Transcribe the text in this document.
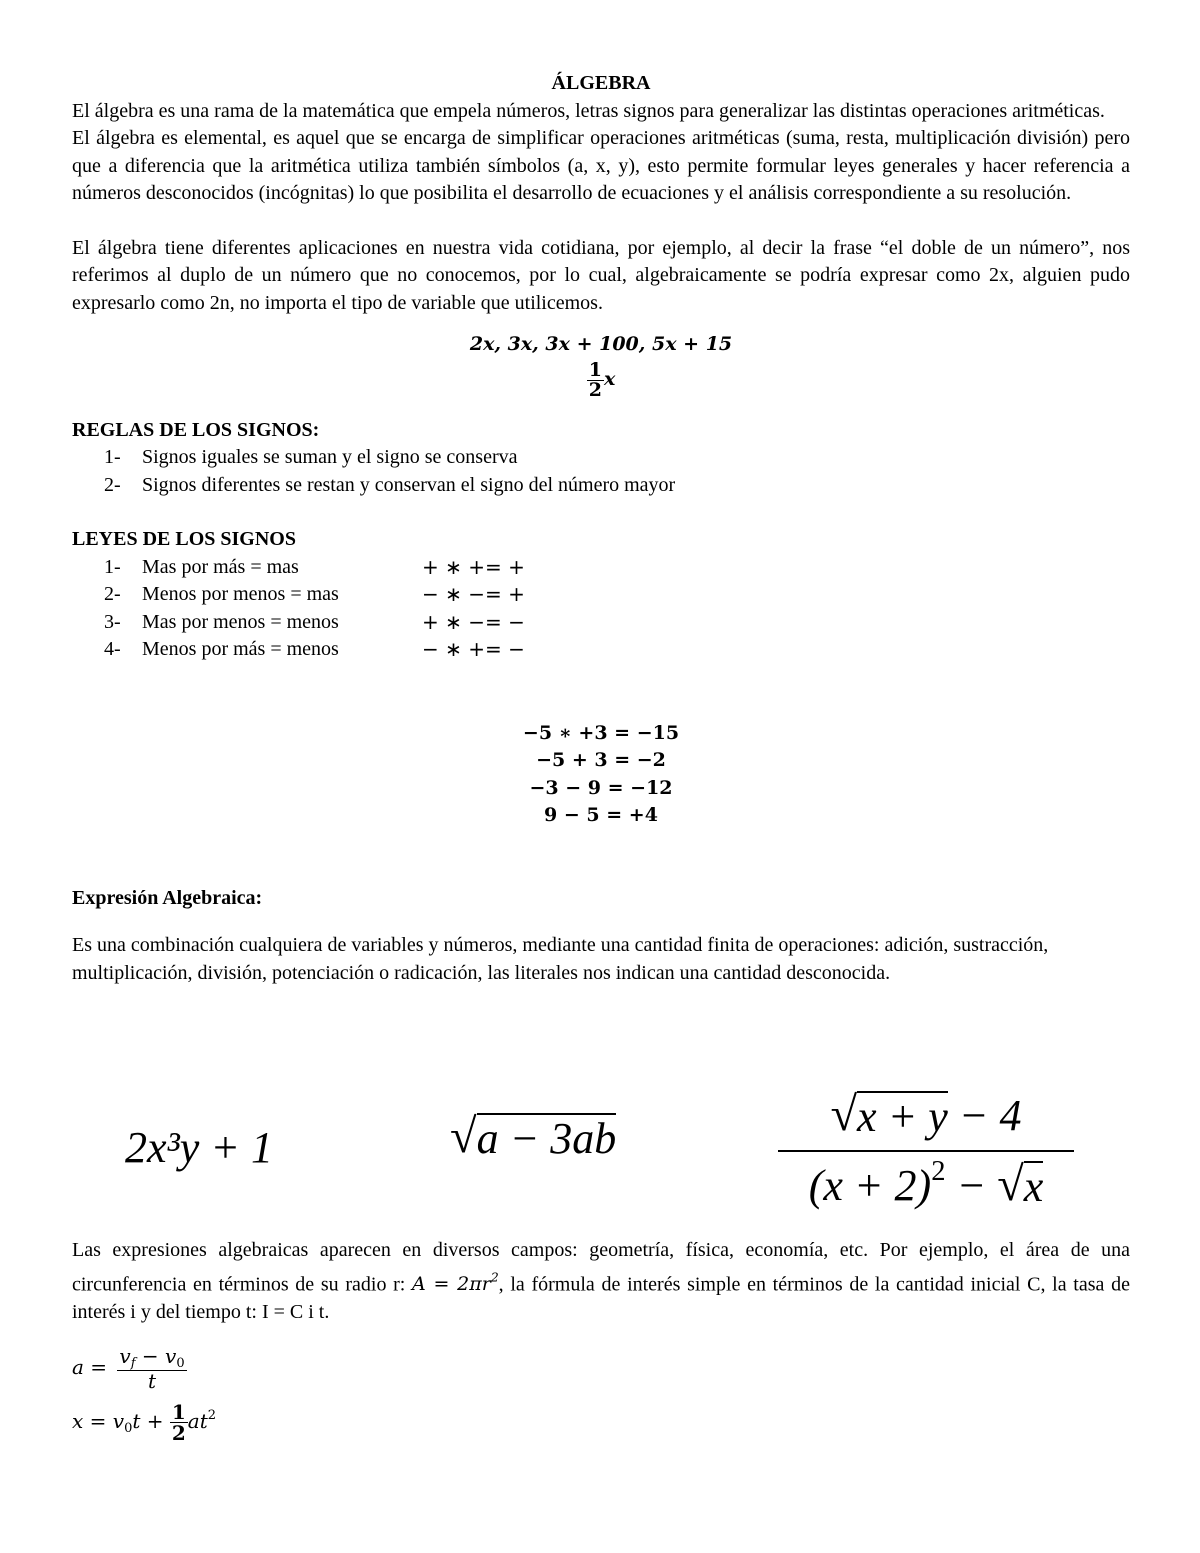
ÁLGEBRA

El álgebra es una rama de la matemática que empela números, letras signos para generalizar las distintas operaciones aritméticas.

El álgebra es elemental, es aquel que se encarga de simplificar operaciones aritméticas (suma, resta, multiplicación división) pero que a diferencia que la aritmética utiliza también símbolos (a, x, y), esto permite formular leyes generales y hacer referencia a números desconocidos (incógnitas) lo que posibilita el desarrollo de ecuaciones y el análisis correspondiente a su resolución.

El álgebra tiene diferentes aplicaciones en nuestra vida cotidiana, por ejemplo, al decir la frase “el doble de un número”, nos referimos al duplo de un número que no conocemos, por lo cual, algebraicamente se podría expresar como 2x, alguien pudo expresarlo como 2n, no importa el tipo de variable que utilicemos.

2x, 3x, 3x + 100, 5x + 15
$\frac{1}{2}$ x

REGLAS DE LOS SIGNOS:

1-	Signos iguales se suman y el signo se conserva
2-	Signos diferentes se restan y conservan el signo del número mayor

LEYES DE LOS SIGNOS

1-	Mas por más = mas	+ ∗ += +
2-	Menos por menos = mas	− ∗ −= +
3-	Mas por menos = menos	+ ∗ −= −
4-	Menos por más = menos	− ∗ += −
−5 ∗ +3 = −15
−5 + 3 = −2
−3 − 9 = −12
9 − 5 = +4

Expresión Algebraica:

Es una combinación cualquiera de variables y números, mediante una cantidad finita de operaciones: adición, sustracción, multiplicación, división, potenciación o radicación, las literales nos indican una cantidad desconocida.

2x³y + 1	√ a − 3ab	√ x + y − 4
$(x + 2)^2$ − √ x

Las expresiones algebraicas aparecen en diversos campos: geometría, física, economía, etc. Por ejemplo, el área de una circunferencia en términos de su radio r: $A = 2\pi r^2$, la fórmula de interés simple en términos de la cantidad inicial C, la tasa de interés i y del tiempo t: I = C i t.

$a = \frac{v_f - v_0}{t}$
$x = v_0t + \frac{1}{2} at^2$
